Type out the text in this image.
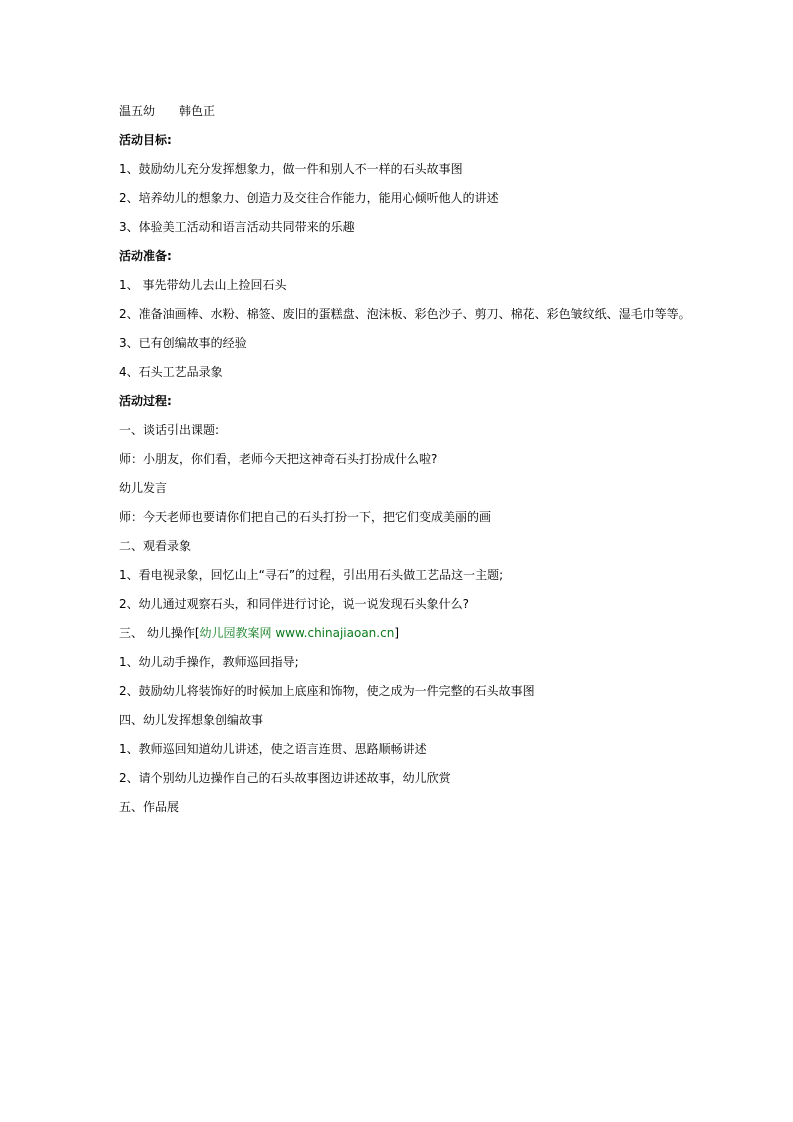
温五幼 韩色正
活动目标:
1、鼓励幼儿充分发挥想象力，做一件和别人不一样的石头故事图
2、培养幼儿的想象力、创造力及交往合作能力，能用心倾听他人的讲述
3、体验美工活动和语言活动共同带来的乐趣
活动准备:
1、 事先带幼儿去山上捡回石头
2、准备油画棒、水粉、棉签、废旧的蛋糕盘、泡沫板、彩色沙子、剪刀、棉花、彩色皱纹纸、湿毛巾等等。
3、已有创编故事的经验
4、石头工艺品录象
活动过程:
一、谈话引出课题:
师：小朋友，你们看，老师今天把这神奇石头打扮成什么啦?
幼儿发言
师：今天老师也要请你们把自己的石头打扮一下，把它们变成美丽的画
二、观看录象
1、看电视录象，回忆山上“寻石”的过程，引出用石头做工艺品这一主题;
2、幼儿通过观察石头，和同伴进行讨论，说一说发现石头象什么?
三、 幼儿操作[幼儿园教案网 www.chinajiaoan.cn]
1、幼儿动手操作，教师巡回指导;
2、鼓励幼儿将装饰好的时候加上底座和饰物，使之成为一件完整的石头故事图
四、幼儿发挥想象创编故事
1、教师巡回知道幼儿讲述，使之语言连贯、思路顺畅讲述
2、请个别幼儿边操作自己的石头故事图边讲述故事，幼儿欣赏
五、作品展
